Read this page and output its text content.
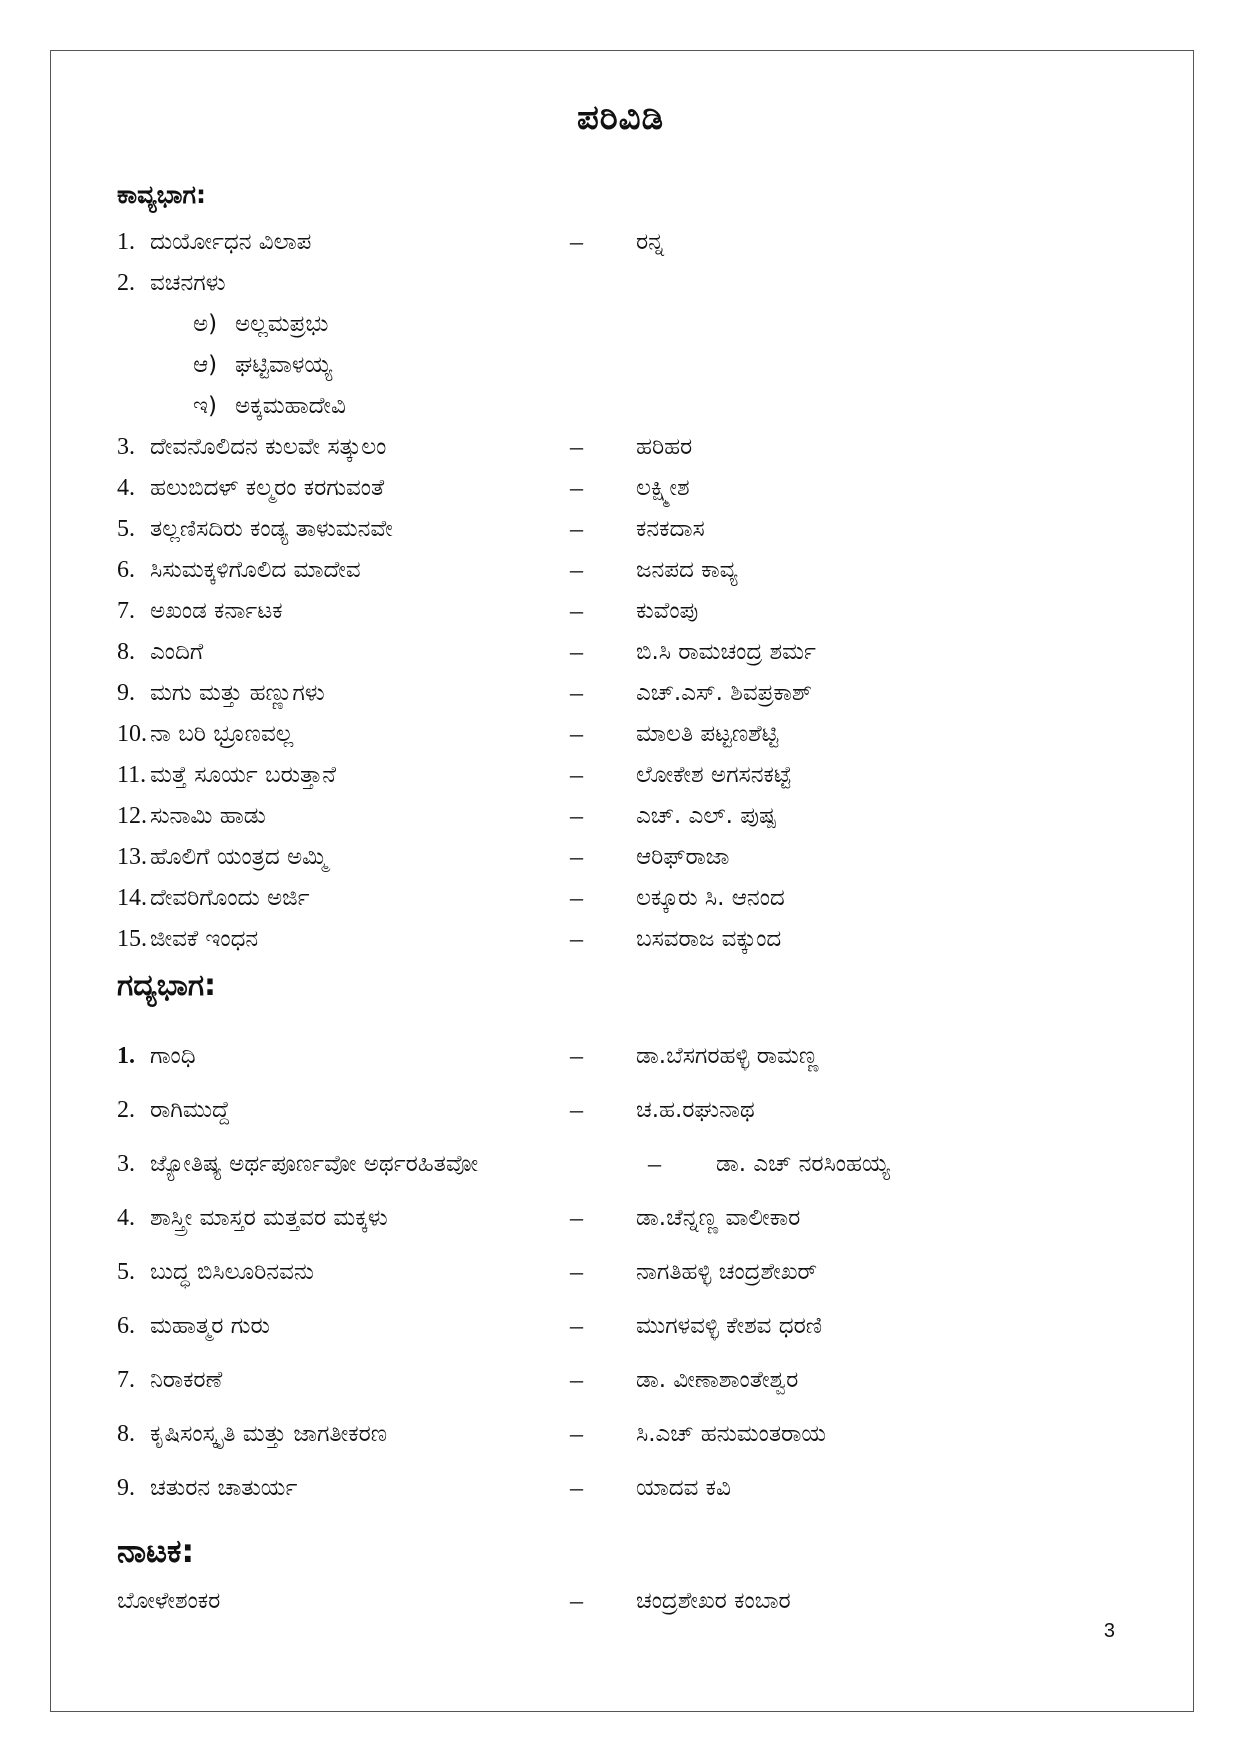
ಪರಿವಿಡಿ
ಕಾವ್ಯಭಾಗ:
1. ದುರ್ಯೋಧನ ವಿಲಾಪ	– ರನ್ನ
2. ವಚನಗಳು
ಅ) ಅಲ್ಲಮಪ್ರಭು
ಆ) ಘಟ್ಟಿವಾಳಯ್ಯ
ಇ) ಅಕ್ಕಮಹಾದೇವಿ
3. ದೇವನೊಲಿದನ ಕುಲವೇ ಸತ್ಕುಲಂ	– ಹರಿಹರ
4. ಹಲುಬಿದಳ್ ಕಲ್ಮರಂ ಕರಗುವಂತೆ	– ಲಕ್ಷ್ಮೀಶ
5. ತಲ್ಲಣಿಸದಿರು ಕಂಡ್ಯ ತಾಳುಮನವೇ	– ಕನಕದಾಸ
6. ಸಿಸುಮಕ್ಕಳಿಗೊಲಿದ ಮಾದೇವ	– ಜನಪದ ಕಾವ್ಯ
7. ಅಖಂಡ ಕರ್ನಾಟಕ	– ಕುವೆಂಪು
8. ಎಂದಿಗೆ	– ಬಿ.ಸಿ ರಾಮಚಂದ್ರ ಶರ್ಮ
9. ಮಗು ಮತ್ತು ಹಣ್ಣುಗಳು	– ಎಚ್.ಎಸ್. ಶಿವಪ್ರಕಾಶ್
10. ನಾ ಬರಿ ಭ್ರೂಣವಲ್ಲ	– ಮಾಲತಿ ಪಟ್ಟಣಶೆಟ್ಟಿ
11. ಮತ್ತೆ ಸೂರ್ಯ ಬರುತ್ತಾನೆ	– ಲೋಕೇಶ ಅಗಸನಕಟ್ಟೆ
12. ಸುನಾಮಿ ಹಾಡು	– ಎಚ್. ಎಲ್. ಪುಷ್ಪ
13. ಹೊಲಿಗೆ ಯಂತ್ರದ ಅಮ್ಮಿ	– ಆರಿಫ್‌ರಾಜಾ
14. ದೇವರಿಗೊಂದು ಅರ್ಜಿ	– ಲಕ್ಕೂರು ಸಿ. ಆನಂದ
15. ಜೀವಕೆ ಇಂಧನ	– ಬಸವರಾಜ ವಕ್ಕುಂದ
ಗದ್ಯಭಾಗ:
1. ಗಾಂಧಿ	– ಡಾ.ಬೆಸಗರಹಳ್ಳಿ ರಾಮಣ್ಣ
2. ರಾಗಿಮುದ್ದೆ	– ಚ.ಹ.ರಘುನಾಥ
3. ಜ್ಯೋತಿಷ್ಯ ಅರ್ಥಪೂರ್ಣವೋ ಅರ್ಥರಹಿತವೋ	– ಡಾ. ಎಚ್ ನರಸಿಂಹಯ್ಯ
4. ಶಾಸ್ತ್ರೀ ಮಾಸ್ತರ ಮತ್ತವರ ಮಕ್ಕಳು	– ಡಾ.ಚೆನ್ನಣ್ಣ ವಾಲೀಕಾರ
5. ಬುದ್ಧ ಬಿಸಿಲೂರಿನವನು	– ನಾಗತಿಹಳ್ಳಿ ಚಂದ್ರಶೇಖರ್
6. ಮಹಾತ್ಮರ ಗುರು	– ಮುಗಳವಳ್ಳಿ ಕೇಶವ ಧರಣಿ
7. ನಿರಾಕರಣೆ	– ಡಾ. ವೀಣಾಶಾಂತೇಶ್ವರ
8. ಕೃಷಿಸಂಸ್ಕೃತಿ ಮತ್ತು ಜಾಗತೀಕರಣ	– ಸಿ.ಎಚ್ ಹನುಮಂತರಾಯ
9. ಚತುರನ ಚಾತುರ್ಯ	– ಯಾದವ ಕವಿ
ನಾಟಕ:
ಬೋಳೇಶಂಕರ	– ಚಂದ್ರಶೇಖರ ಕಂಬಾರ
3
